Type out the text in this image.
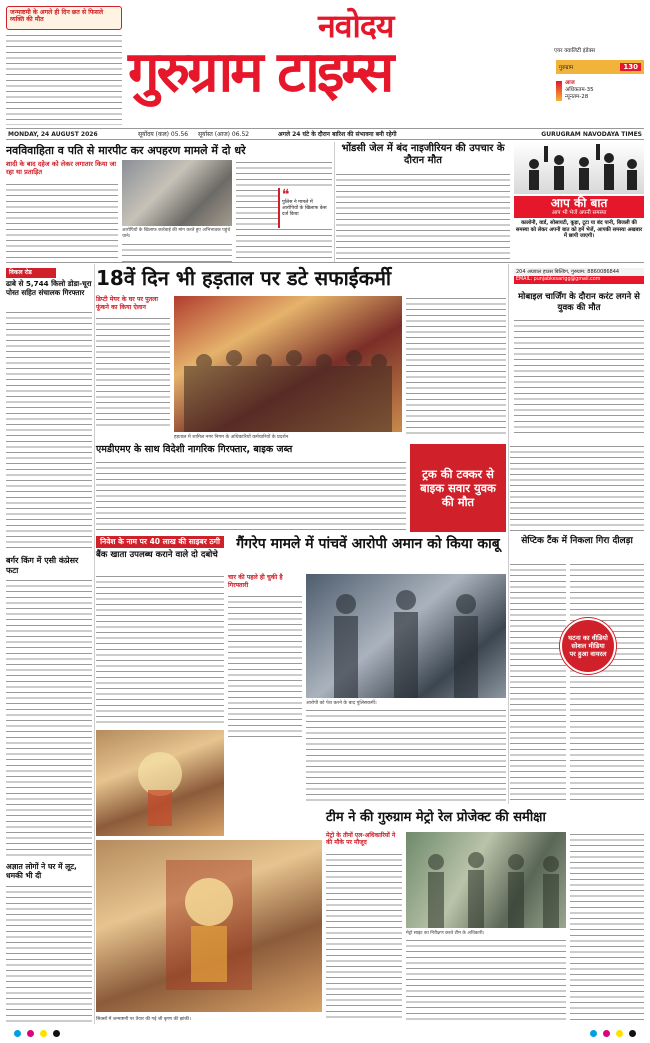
जन्माष्टमी के अगले ही दिन छत से फिसले व्यक्ति की मौत	नवोदय
गुरुग्राम टाइम्स	एयर क्वालिटी इंडेक्स
गुरुग्राम	130
आज
अधिकतम-35
न्यूनतम-28
MONDAY, 24 AUGUST 2026	सूर्योदय (कल) 05.56	सूर्यास्त (आज) 06.52	अगले 24 घंटे के दौरान बारिश की संभावना बनी रहेगी	GURUGRAM NAVODAYA TIMES
नवविवाहिता व पति से मारपीट कर अपहरण मामले में दो धरे
शादी के बाद दहेज को लेकर लगातार किया जा रहा था प्रताड़ित
आरोपियों के खिलाफ कार्रवाई की मांग करते हुए अभिभावक पहुंचे थाने।
❝
पुलिस ने मामले में आरोपियों के खिलाफ केस दर्ज किया
भोंडसी जेल में बंद नाइजीरियन की उपचार के दौरान मौत
आप की बात
आप भी भेजें अपनी समस्या
कालोनी, वार्ड, सोसायटी, कूड़ा, टूटा या बंद पानी, बिजली की समस्या को लेकर अपनी बात को हमें भेजें, आपकी समस्या अखबार में छापी जाएगी।
204 अग्रवाल हाउस बिल्डिंग, गुरुग्राम: 8860086844
EMAIL: punjabkesarigg@gmail.com
विकल रोड
ढाबे से 5,744 किलो डोडा-चूरा पोस्त सहित संचालक गिरफ्तार
बर्गर किंग में एसी कंप्रेसर फटा
अज्ञात लोगों ने घर में लूट, धमकी भी दी
18वें दिन भी हड़ताल पर डटे सफाईकर्मी
डिप्टी मेयर के घर पर पुतला फूंकने का किया ऐलान
हड़ताल में शामिल नगर निगम के अधिकारियों कर्मचारियों के प्रदर्शन
मोबाइल चार्जिंग के दौरान करंट लगने से युवक की मौत
एमडीएमए के साथ विदेशी नागरिक गिरफ्तार, बाइक जब्त
ट्रक की टक्कर से बाइक सवार युवक की मौत
गैंगरेप मामले में पांचवें आरोपी अमान को किया काबू
चार की पहले ही चुकी है गिरफ्तारी
आरोपी को पेश करने के बाद पुलिसकर्मी।
निवेश के नाम पर 40 लाख की साइबर ठगी
बैंक खाता उपलब्ध कराने वाले दो दबोचे
सिक्सों में जन्माष्टमी पर तैयार की गई श्री कृष्ण की झांकी।
सेप्टिक टैंक में निकला गिरा दीलड़ा
घटना का वीडियो सोशल मीडिया पर हुआ वायरल
टीम ने की गुरुग्राम मेट्रो रेल प्रोजेक्ट की समीक्षा
मेट्रो के तीनों एल-अधिकारियों ने की मौके पर मौजूद
मेट्रो साइट का निरीक्षण करते टीम के अधिकारी।
